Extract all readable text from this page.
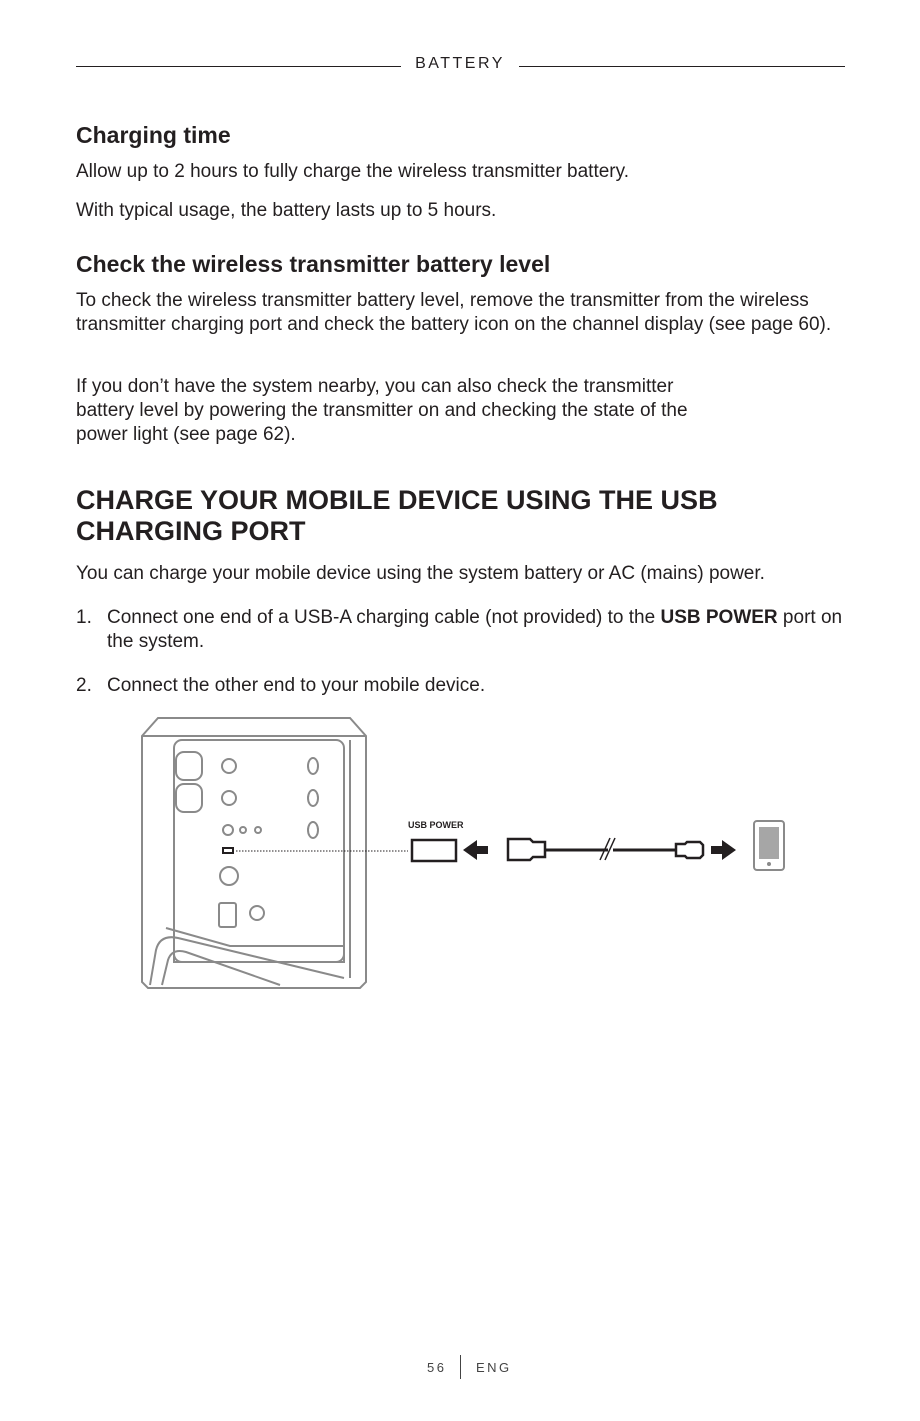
BATTERY
Charging time
Allow up to 2 hours to fully charge the wireless transmitter battery.
With typical usage, the battery lasts up to 5 hours.
Check the wireless transmitter battery level
To check the wireless transmitter battery level, remove the transmitter from the wireless transmitter charging port and check the battery icon on the channel display (see page 60).
If you don’t have the system nearby, you can also check the transmitter battery level by powering the transmitter on and checking the state of the power light (see page 62).
CHARGE YOUR MOBILE DEVICE USING THE USB CHARGING PORT
You can charge your mobile device using the system battery or AC (mains) power.
1. Connect one end of a USB-A charging cable (not provided) to the USB POWER port on the system.
2. Connect the other end to your mobile device.
USB POWER
56 ENG
